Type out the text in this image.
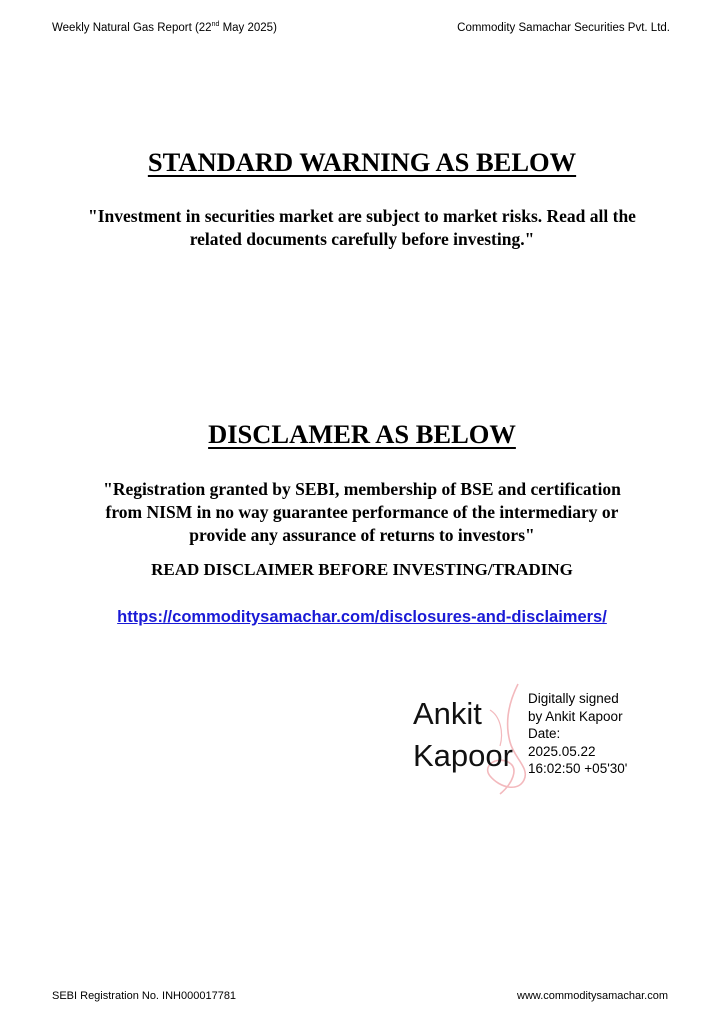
Weekly Natural Gas Report (22nd May 2025)	Commodity Samachar Securities Pvt. Ltd.
STANDARD WARNING AS BELOW
"Investment in securities market are subject to market risks. Read all the
related documents carefully before investing."
DISCLAMER AS BELOW
"Registration granted by SEBI, membership of BSE and certification
from NISM in no way guarantee performance of the intermediary or
provide any assurance of returns to investors"
READ DISCLAIMER BEFORE INVESTING/TRADING
https://commoditysamachar.com/disclosures-and-disclaimers/
Ankit
Kapoor
Digitally signed
by Ankit Kapoor
Date:
2025.05.22
16:02:50 +05'30'
SEBI Registration No. INH000017781	www.commoditysamachar.com
